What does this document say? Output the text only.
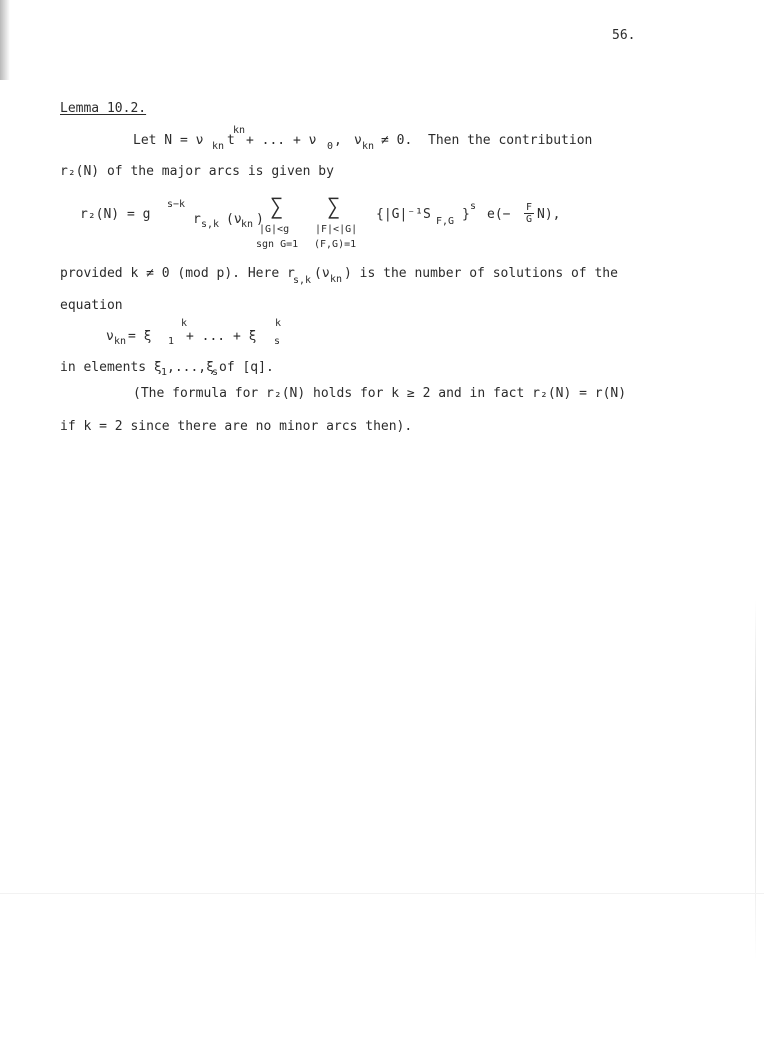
56.
Lemma 10.2.
Let N = ν kn t
kn
+ ... + ν 0 , ν kn ≠ 0. Then the contribution
r₂(N) of the major arcs is given by
r₂(N) = g
s−k
r s,k (ν kn ) ∑
|G|<g
sgn G=1
∑
|F|<|G|
(F,G)=1
{|G|⁻¹S F,G }
s
e(− F
G N),
provided k ≠ 0 (mod p). Here r
s,k (ν kn ) is the number of solutions of the
equation
ν kn = ξ 1
k
+ ... + ξ s
k
in elements ξ 1 ,...,ξ
s of [q].
(The formula for r₂(N) holds for k ≥ 2 and in fact r₂(N) = r(N)
if k = 2 since there are no minor arcs then).
